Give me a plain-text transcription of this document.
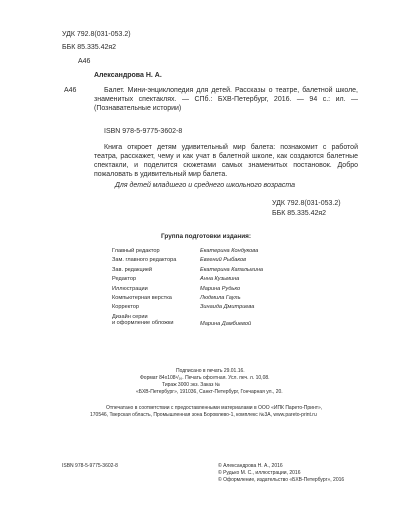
УДК 792.8(031-053.2)
ББК 85.335.42я2
А46
Александрова Н. А.
А46	Балет. Мини-энциклопедия для детей. Рассказы о театре, балетной школе, знаменитых спектаклях. — СПб.: БХВ-Петербург, 2016. — 94 с.: ил. — (Познавательные истории)
ISBN 978-5-9775-3602-8
Книга откроет детям удивительный мир балета: познакомит с работой театра, расскажет, чему и как учат в балетной школе, как создаются балетные спектакли, и поделится сюжетами самых знаменитых постановок. Добро пожаловать в удивительный мир балета.
Для детей младшего и среднего школьного возраста
УДК 792.8(031-053.2)
ББК 85.335.42я2
Группа подготовки издания:
Главный редактор	Екатерина Кондукова
Зам. главного редактора	Евгений Рыбаков
Зав. редакцией	Екатерина Капалыгина
Редактор	Анна Кузьмина
Иллюстрации	Марина Рудько
Компьютерная верстка	Людмила Гауль
Корректор	Зинаида Дмитриева
Дизайн серии
и оформление обложки	Марина Дамбиевой
Подписано в печать 29.01.16.
Формат 84х108¹/₁₆. Печать офсетная. Усл. печ. л. 10,08.
Тираж 3000 экз. Заказ №
«БХВ-Петербург», 191036, Санкт-Петербург, Гончарная ул., 20.
Отпечатано в соответствии с предоставленными материалами в ООО «ИПК Парето-Принт»,
170546, Тверская область, Промышленная зона Боровлево-1, комплекс №3А, www.pareto-print.ru
ISBN 978-5-9775-3602-8	© Александрова Н. А., 2016
© Рудько М. С., иллюстрации, 2016
© Оформление, издательство «БХВ-Петербург», 2016
